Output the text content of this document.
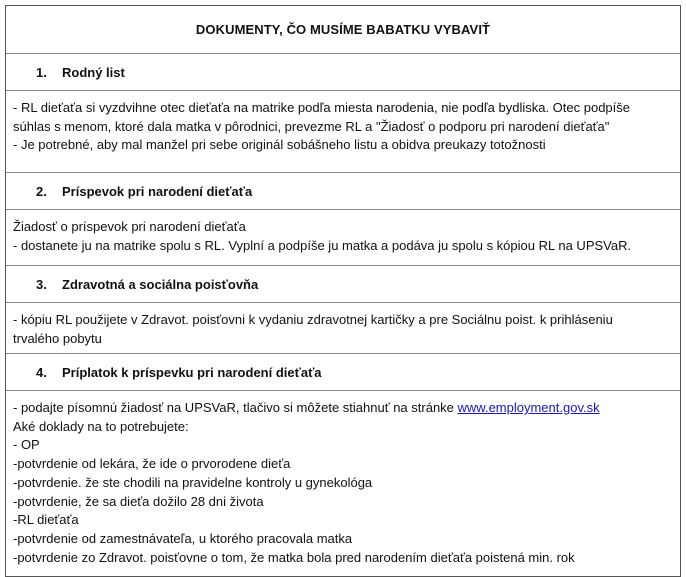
DOKUMENTY, ČO MUSÍME BABATKU VYBAVIŤ
1.	Rodný list
- RL dieťaťa si vyzdvihne otec dieťaťa na matrike podľa miesta narodenia, nie podľa bydliska. Otec podpíše
súhlas s menom, ktoré dala matka v pôrodnici, prevezme RL a "Žiadosť o podporu pri narodení dieťaťa"
- Je potrebné, aby mal manžel pri sebe originál sobášneho listu a obidva preukazy totožnosti
2.	Príspevok pri narodení dieťaťa
Žiadosť o príspevok pri narodení dieťaťa
- dostanete ju na matrike spolu s RL. Vyplní a podpíše ju matka a podáva ju spolu s kópiou RL na UPSVaR.
3.	Zdravotná a sociálna poisťovňa
- kópiu RL použijete v Zdravot. poisťovni k vydaniu zdravotnej kartičky a pre Sociálnu poist. k prihláseniu
trvalého pobytu
4.	Príplatok k príspevku pri narodení dieťaťa
- podajte písomnú žiadosť na UPSVaR, tlačivo si môžete stiahnuť na stránke www.employment.gov.sk
Aké doklady na to potrebujete:
- OP
-potvrdenie od lekára, že ide o prvorodene dieťa
-potvrdenie. že ste chodili na pravidelne kontroly u gynekológa
-potvrdenie, že sa dieťa dožilo 28 dni života
-RL dieťaťa
-potvrdenie od zamestnávateľa, u ktorého pracovala matka
-potvrdenie zo Zdravot. poisťovne o tom, že matka bola pred narodením dieťaťa poistená min. rok
